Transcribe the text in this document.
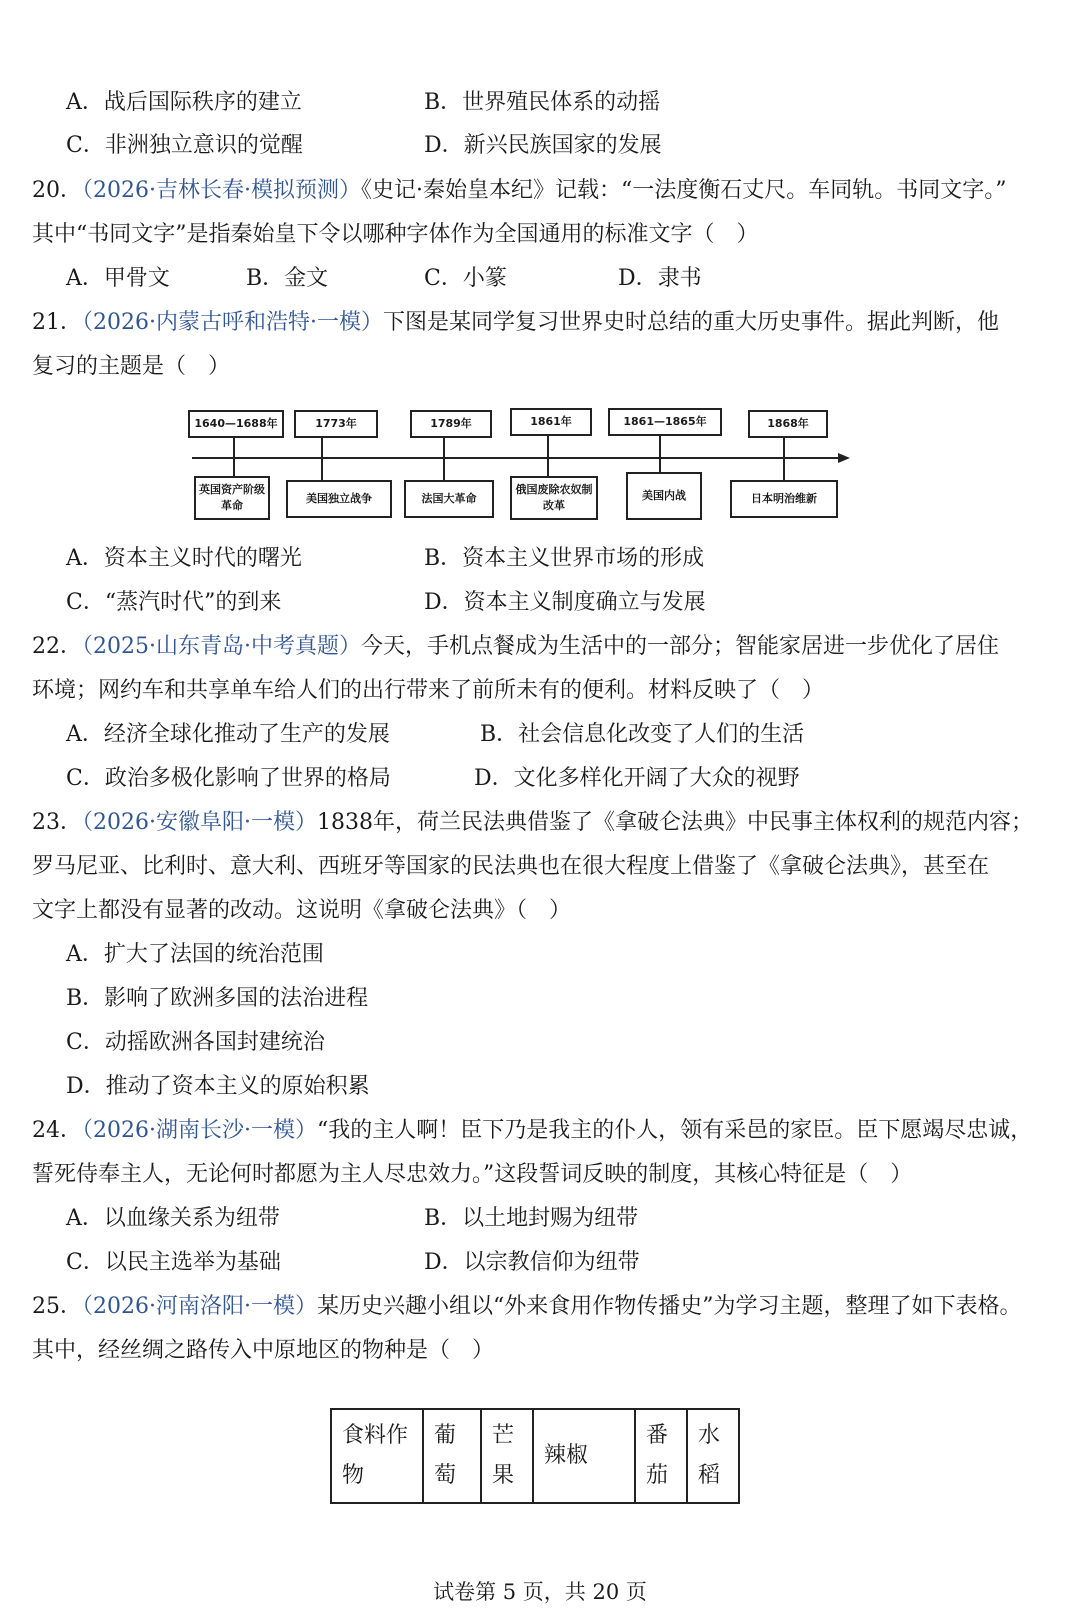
A．战后国际秩序的建立	B．世界殖民体系的动摇
C．非洲独立意识的觉醒	D．新兴民族国家的发展
20．（2026·吉林长春·模拟预测）《史记·秦始皇本纪》记载：“一法度衡石丈尺。车同轨。书同文字。”
其中“书同文字”是指秦始皇下令以哪种字体作为全国通用的标准文字（　）
A．甲骨文	B．金文	C．小篆	D．隶书
21．（2026·内蒙古呼和浩特·一模）下图是某同学复习世界史时总结的重大历史事件。据此判断，他
复习的主题是（　）
1640—1688年	1773年	1789年	1861年	1861—1865年	1868年
英国资产阶级革命
美国独立战争	法国大革命
俄国废除农奴制改革
美国内战	日本明治维新
A．资本主义时代的曙光	B．资本主义世界市场的形成
C．“蒸汽时代”的到来	D．资本主义制度确立与发展
22．（2025·山东青岛·中考真题）今天，手机点餐成为生活中的一部分；智能家居进一步优化了居住
环境；网约车和共享单车给人们的出行带来了前所未有的便利。材料反映了（　）
A．经济全球化推动了生产的发展	B．社会信息化改变了人们的生活
C．政治多极化影响了世界的格局	D．文化多样化开阔了大众的视野
23．（2026·安徽阜阳·一模）1838年，荷兰民法典借鉴了《拿破仑法典》中民事主体权利的规范内容；
罗马尼亚、比利时、意大利、西班牙等国家的民法典也在很大程度上借鉴了《拿破仑法典》，甚至在
文字上都没有显著的改动。这说明《拿破仑法典》（　）
A．扩大了法国的统治范围
B．影响了欧洲多国的法治进程
C．动摇欧洲各国封建统治
D．推动了资本主义的原始积累
24．（2026·湖南长沙·一模）“我的主人啊！臣下乃是我主的仆人，领有采邑的家臣。臣下愿竭尽忠诚，
誓死侍奉主人，无论何时都愿为主人尽忠效力。”这段誓词反映的制度，其核心特征是（　）
A．以血缘关系为纽带	B．以土地封赐为纽带
C．以民主选举为基础	D．以宗教信仰为纽带
25．（2026·河南洛阳·一模）某历史兴趣小组以“外来食用作物传播史”为学习主题，整理了如下表格。
其中，经丝绸之路传入中原地区的物种是（　）
食料作物	葡萄	芒果	辣椒	番茄	水稻
试卷第 5 页，共 20 页
